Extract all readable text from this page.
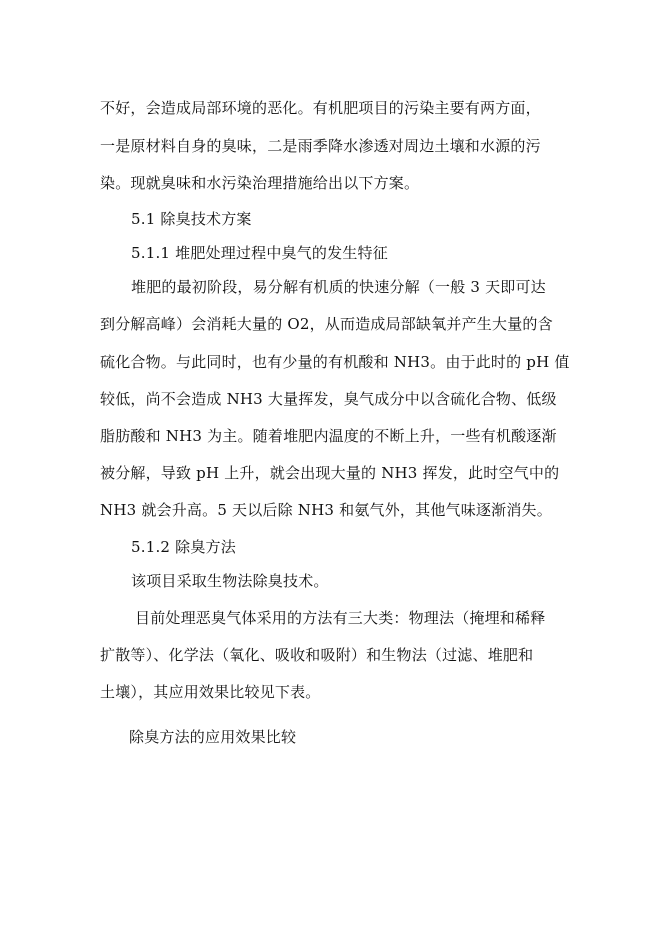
不好，会造成局部环境的恶化。有机肥项目的污染主要有两方面，
一是原材料自身的臭味，二是雨季降水渗透对周边土壤和水源的污
染。现就臭味和水污染治理措施给出以下方案。
5.1 除臭技术方案
5.1.1 堆肥处理过程中臭气的发生特征
堆肥的最初阶段，易分解有机质的快速分解（一般 3 天即可达
到分解高峰）会消耗大量的 O2，从而造成局部缺氧并产生大量的含
硫化合物。与此同时，也有少量的有机酸和 NH3。由于此时的 pH 值
较低，尚不会造成 NH3 大量挥发，臭气成分中以含硫化合物、低级
脂肪酸和 NH3 为主。随着堆肥内温度的不断上升，一些有机酸逐渐
被分解，导致 pH 上升，就会出现大量的 NH3 挥发，此时空气中的
NH3 就会升高。5 天以后除 NH3 和氨气外，其他气味逐渐消失。
5.1.2 除臭方法
该项目采取生物法除臭技术。
目前处理恶臭气体采用的方法有三大类：物理法（掩埋和稀释
扩散等）、化学法（氧化、吸收和吸附）和生物法（过滤、堆肥和
土壤），其应用效果比较见下表。
除臭方法的应用效果比较
